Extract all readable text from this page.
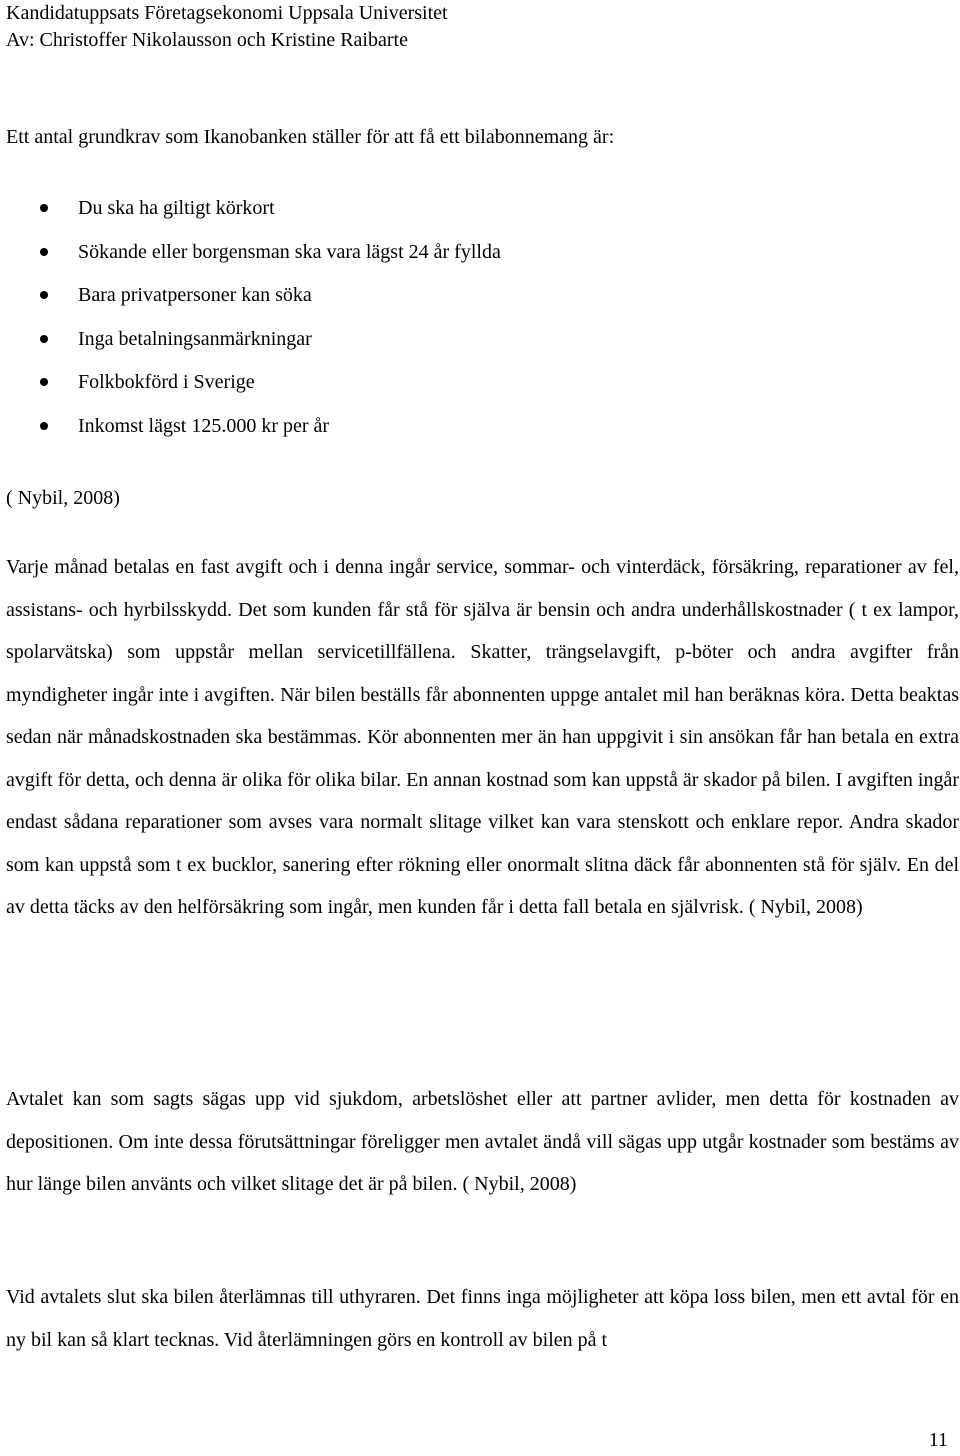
Kandidatuppsats Företagsekonomi Uppsala Universitet
Av: Christoffer Nikolausson och Kristine Raibarte
Ett antal grundkrav som Ikanobanken ställer för att få ett bilabonnemang är:
Du ska ha giltigt körkort
Sökande eller borgensman ska vara lägst 24 år fyllda
Bara privatpersoner kan söka
Inga betalningsanmärkningar
Folkbokförd i Sverige
Inkomst lägst 125.000 kr per år
( Nybil, 2008)

Varje månad betalas en fast avgift och i denna ingår service, sommar- och vinterdäck, försäkring, reparationer av fel, assistans- och hyrbilsskydd. Det som kunden får stå för själva är bensin och andra underhållskostnader ( t ex lampor, spolarvätska) som uppstår mellan servicetillfällena. Skatter, trängselavgift, p-böter och andra avgifter från myndigheter ingår inte i avgiften. När bilen beställs får abonnenten uppge antalet mil han beräknas köra. Detta beaktas sedan när månadskostnaden ska bestämmas. Kör abonnenten mer än han uppgivit i sin ansökan får han betala en extra avgift för detta, och denna är olika för olika bilar. En annan kostnad som kan uppstå är skador på bilen. I avgiften ingår endast sådana reparationer som avses vara normalt slitage vilket kan vara stenskott och enklare repor. Andra skador som kan uppstå som t ex bucklor, sanering efter rökning eller onormalt slitna däck får abonnenten stå för själv. En del av detta täcks av den helförsäkring som ingår, men kunden får i detta fall betala en självrisk. ( Nybil, 2008)

Avtalet kan som sagts sägas upp vid sjukdom, arbetslöshet eller att partner avlider, men detta för kostnaden av depositionen. Om inte dessa förutsättningar föreligger men avtalet ändå vill sägas upp utgår kostnader som bestäms av hur länge bilen använts och vilket slitage det är på bilen. ( Nybil, 2008)

Vid avtalets slut ska bilen återlämnas till uthyraren. Det finns inga möjligheter att köpa loss bilen, men ett avtal för en ny bil kan så klart tecknas. Vid återlämningen görs en kontroll av bilen på t

11
